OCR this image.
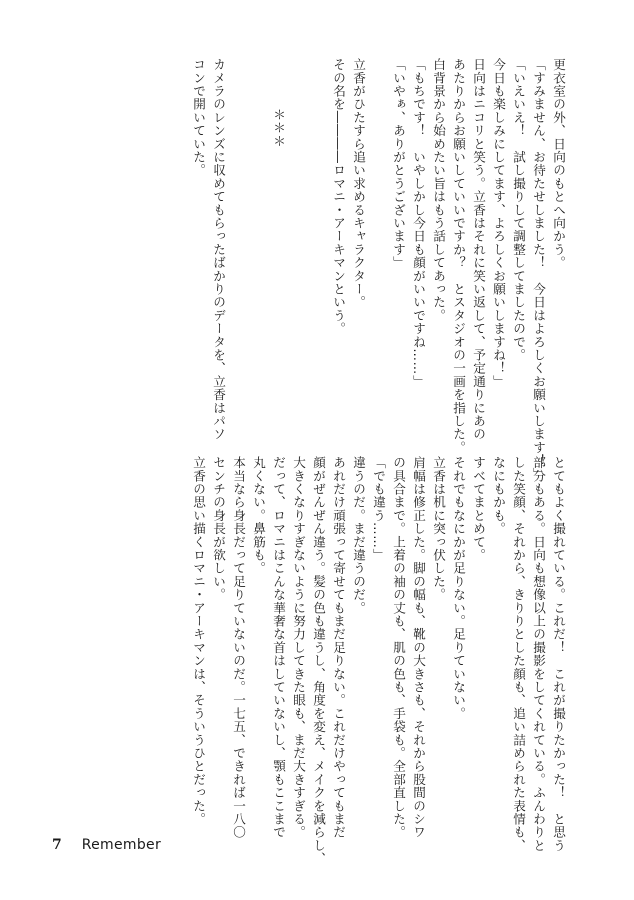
更衣室の外、日向のもとへ向かう。
「すみません、お待たせしました！　今日はよろしくお願いします！」
「いえいえ！　試し撮りして調整してましたので。
今日も楽しみにしてます、よろしくお願いしますね！」
日向はニコリと笑う。立香はそれに笑い返して、予定通りにあの
あたりからお願いしていいですか？　とスタジオの一画を指した。
白背景から始めたい旨はもう話してあった。
「もちです！　いやしかし今日も顔がいいですね……」
「いやぁ、ありがとうございます」
立香がひたすら追い求めるキャラクター。
その名を――――ロマニ・アーキマンという。
＊＊＊
カメラのレンズに収めてもらったばかりのデータを、立香はパソ
コンで開いていた。
とてもよく撮れている。これだ！　これが撮りたかった！　と思う
部分もある。日向も想像以上の撮影をしてくれている。ふんわりと
した笑顔、それから、きりりとした顔も、追い詰められた表情も、
なにもかも。
すべてまとめて。
それでもなにかが足りない。足りていない。
立香は机に突っ伏した。
肩幅は修正した。脚の幅も、靴の大きさも、それから股間のシワ
の具合まで。上着の袖の丈も、肌の色も、手袋も。全部直した。
「でも違う……」
違うのだ。まだ違うのだ。
あれだけ頑張って寄せてもまだ足りない。これだけやってもまだ
顔がぜんぜん違う。髪の色も違うし、角度を変え、メイクを減らし、
大きくなりすぎないように努力してきた眼も、まだ大きすぎる。
だって、ロマニはこんな華奢な首はしていないし、顎もここまで
丸くない。鼻筋も。
本当なら身長だって足りていないのだ。一七五、できれば一八〇
センチの身長が欲しい。
立香の思い描くロマニ・アーキマンは、そういうひとだった。
7 Remember
